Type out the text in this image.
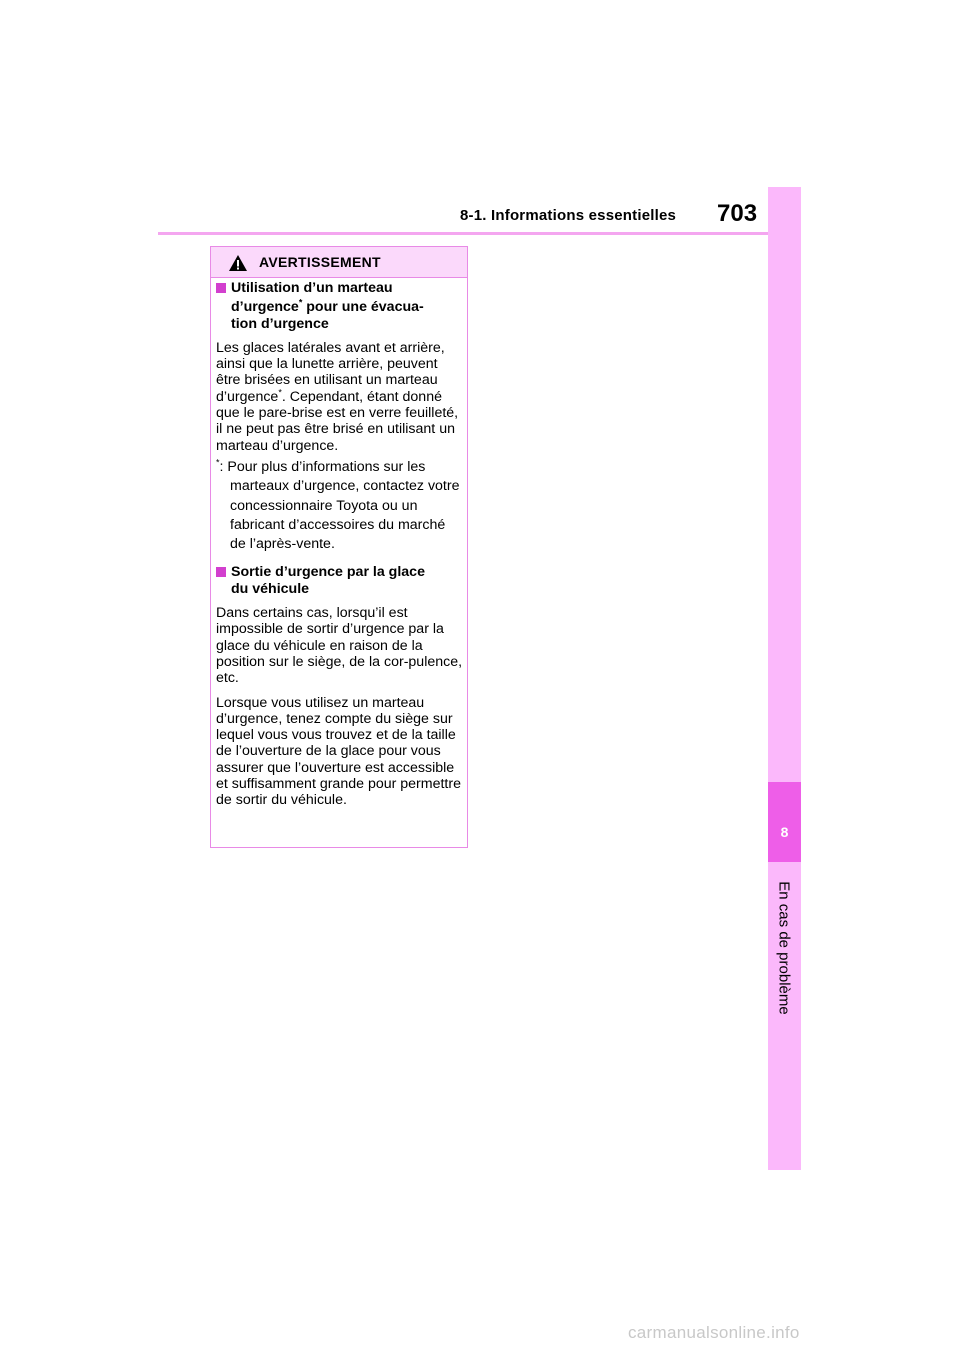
8-1. Informations essentielles 703
8
En cas de problème
AVERTISSEMENT
Utilisation d’un marteau
d’urgence* pour une évacua-
tion d’urgence
Les glaces latérales avant et arrière, ainsi que la lunette arrière, peuvent être brisées en utilisant un marteau d’urgence*. Cependant, étant donné que le pare-brise est en verre feuilleté, il ne peut pas être brisé en utilisant un marteau d’urgence.
*: Pour plus d’informations sur les marteaux d’urgence, contactez votre concessionnaire Toyota ou un fabricant d’accessoires du marché de l’après-vente.
Sortie d’urgence par la glace
du véhicule
Dans certains cas, lorsqu’il est impossible de sortir d’urgence par la glace du véhicule en raison de la position sur le siège, de la cor-pulence, etc.
Lorsque vous utilisez un marteau d’urgence, tenez compte du siège sur lequel vous vous trouvez et de la taille de l’ouverture de la glace pour vous assurer que l’ouverture est accessible et suffisamment grande pour permettre de sortir du véhicule.
carmanualsonline.info
